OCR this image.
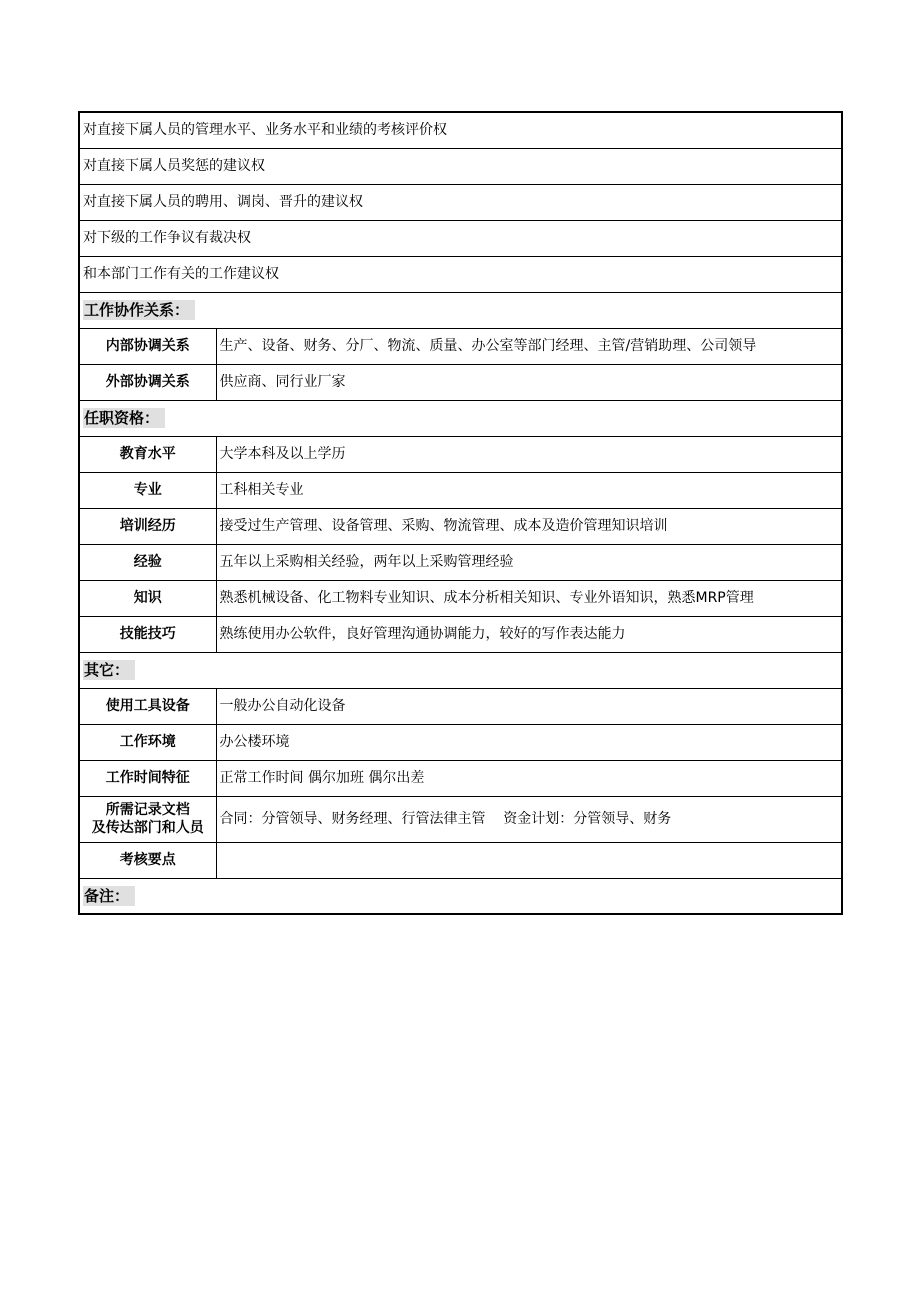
对直接下属人员的管理水平、业务水平和业绩的考核评价权	
对直接下属人员奖惩的建议权	
对直接下属人员的聘用、调岗、晋升的建议权	
对下级的工作争议有裁决权	
和本部门工作有关的工作建议权	
工作协作关系：	
内部协调关系	生产、设备、财务、分厂、物流、质量、办公室等部门经理、主管/营销助理、公司领导
外部协调关系	供应商、同行业厂家
任职资格：	
教育水平	大学本科及以上学历
专业	工科相关专业
培训经历	接受过生产管理、设备管理、采购、物流管理、成本及造价管理知识培训
经验	五年以上采购相关经验，两年以上采购管理经验
知识	熟悉机械设备、化工物料专业知识、成本分析相关知识、专业外语知识，熟悉MRP管理
技能技巧	熟练使用办公软件，良好管理沟通协调能力，较好的写作表达能力
其它：	
使用工具设备	一般办公自动化设备
工作环境	办公楼环境
工作时间特征	正常工作时间 偶尔加班 偶尔出差

所需记录文档
及传达部门和人员	合同：分管领导、财务经理、行管法律主管    资金计划：分管领导、财务
考核要点	
备注：	
